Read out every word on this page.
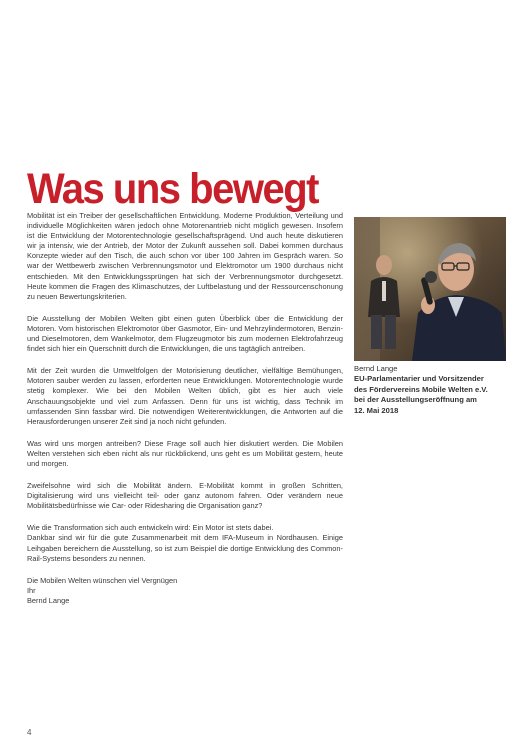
Was uns bewegt

Mobilität ist ein Treiber der gesellschaftlichen Entwicklung. Moderne Produktion, Verteilung und individuelle Möglichkeiten wären jedoch ohne Motorenantrieb nicht möglich gewesen. Insofern ist die Entwicklung der Motorentechnologie gesellschaftsprägend. Und auch heute diskutieren wir ja intensiv, wie der Antrieb, der Motor der Zukunft aussehen soll. Dabei kommen durchaus Konzepte wieder auf den Tisch, die auch schon vor über 100 Jahren im Gespräch waren. So war der Wettbewerb zwischen Verbrennungsmotor und Elektromotor um 1900 durchaus nicht entschieden. Mit den Entwicklungssprüngen hat sich der Verbrennungsmotor durchgesetzt. Heute kommen die Fragen des Klimaschutzes, der Luftbelastung und der Ressourcenschonung zu neuen Bewertungskriterien.

Die Ausstellung der Mobilen Welten gibt einen guten Überblick über die Entwicklung der Motoren. Vom historischen Elektromotor über Gasmotor, Ein- und Mehrzylindermotoren, Benzin- und Dieselmotoren, dem Wankelmotor, dem Flugzeugmotor bis zum modernen Elektrofahrzeug findet sich hier ein Querschnitt durch die Entwicklungen, die uns tagtäglich antreiben.

Mit der Zeit wurden die Umweltfolgen der Motorisierung deutlicher, vielfältige Bemühungen, Motoren sauber werden zu lassen, erforderten neue Entwicklungen. Motorentechnologie wurde stetig komplexer. Wie bei den Mobilen Welten üblich, gibt es hier auch viele Anschauungsobjekte und viel zum Anfassen. Denn für uns ist wichtig, dass Technik im umfassenden Sinn fassbar wird. Die notwendigen Weiterentwicklungen, die Antworten auf die Herausforderungen unserer Zeit sind ja noch nicht gefunden.

Was wird uns morgen antreiben? Diese Frage soll auch hier diskutiert werden. Die Mobilen Welten verstehen sich eben nicht als nur rückblickend, uns geht es um Mobilität gestern, heute und morgen.

Zweifelsohne wird sich die Mobilität ändern. E-Mobilität kommt in großen Schritten, Digitalisierung wird uns vielleicht teil- oder ganz autonom fahren. Oder verändern neue Mobilitätsbedürfnisse wie Car- oder Ridesharing die Organisation ganz?

Wie die Transformation sich auch entwickeln wird: Ein Motor ist stets dabei.
Dankbar sind wir für die gute Zusammenarbeit mit dem IFA-Museum in Nordhausen. Einige Leihgaben bereichern die Ausstellung, so ist zum Beispiel die dortige Entwicklung des Common-Rail-Systems besonders zu nennen.

Die Mobilen Welten wünschen viel Vergnügen
Ihr
Bernd Lange

Bernd Lange
EU-Parlamentarier und Vorsitzender
des Fördervereins Mobile Welten e.V.
bei der Ausstellungseröffnung am
12. Mai 2018
4
